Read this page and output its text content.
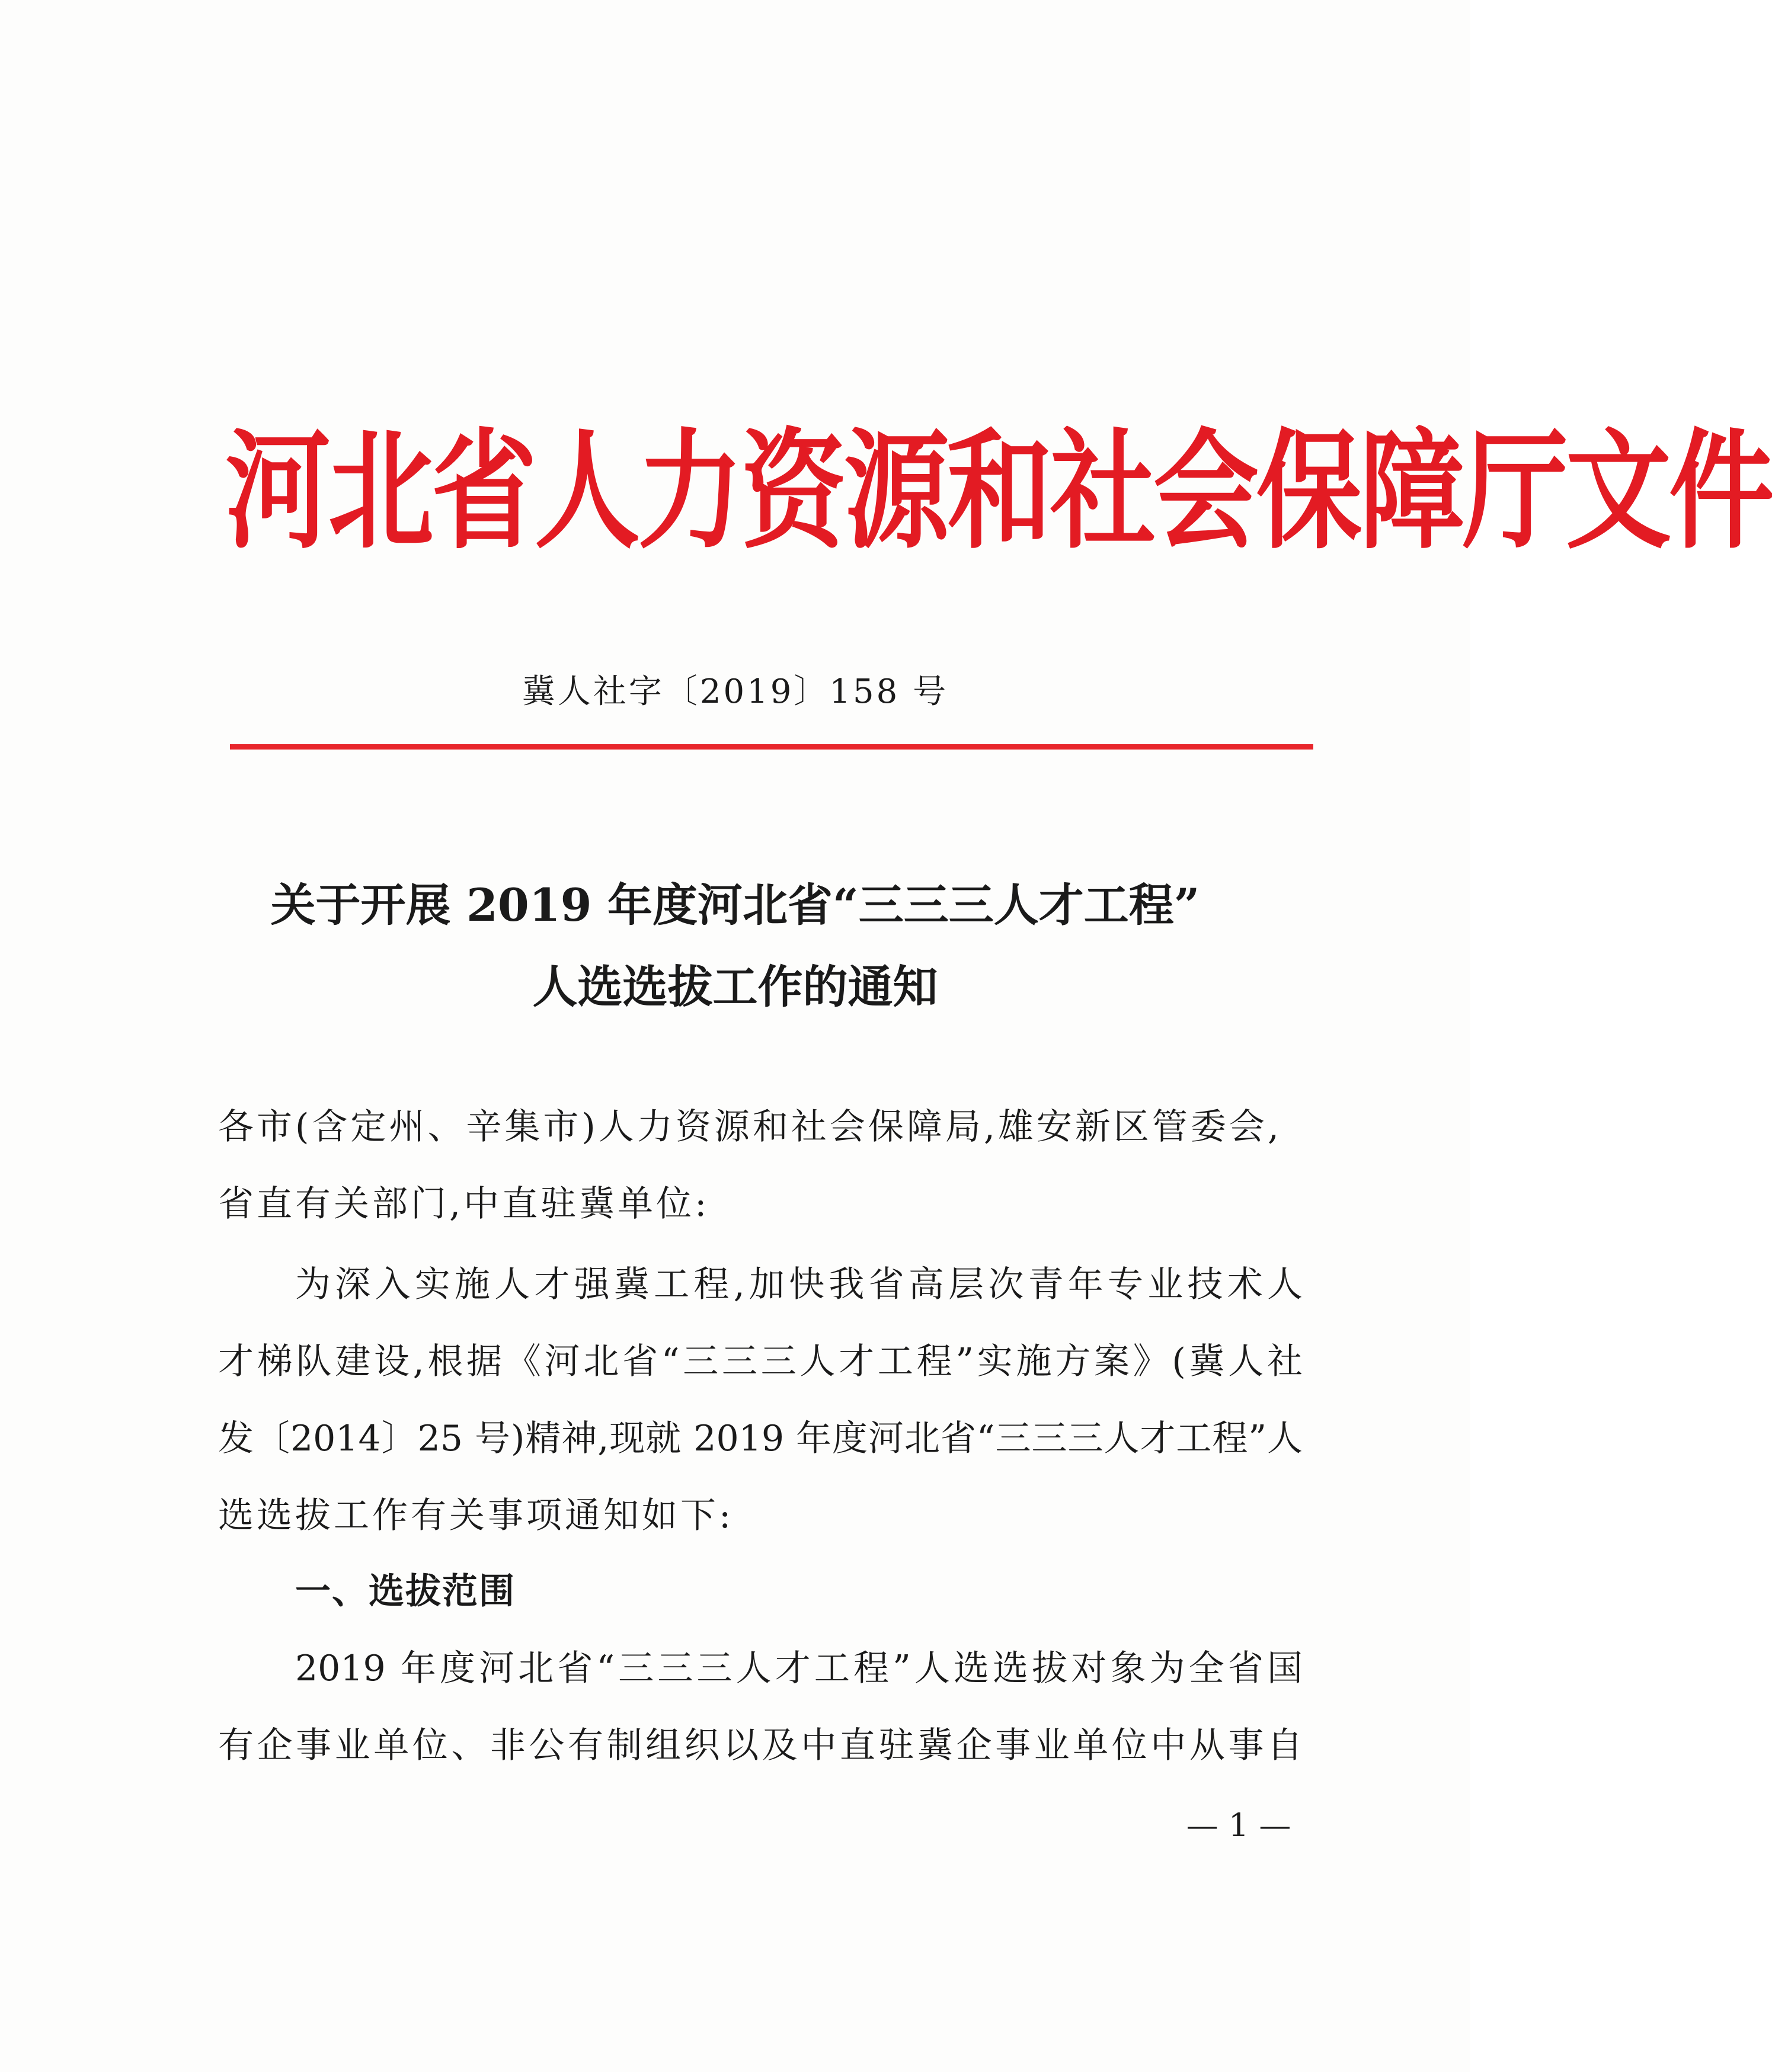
河北省人力资源和社会保障厅文件
冀人社字〔2019〕158 号
关于开展 2019 年度河北省“三三三人才工程”
人选选拔工作的通知
各市(含定州、辛集市)人力资源和社会保障局,雄安新区管委会,
省直有关部门,中直驻冀单位:
为深入实施人才强冀工程,加快我省高层次青年专业技术人
才梯队建设,根据《河北省“三三三人才工程”实施方案》(冀人社
发〔2014〕25 号)精神,现就 2019 年度河北省“三三三人才工程”人
选选拔工作有关事项通知如下:
一、选拔范围
2019 年度河北省“三三三人才工程”人选选拔对象为全省国
有企事业单位、非公有制组织以及中直驻冀企事业单位中从事自
— 1 —
